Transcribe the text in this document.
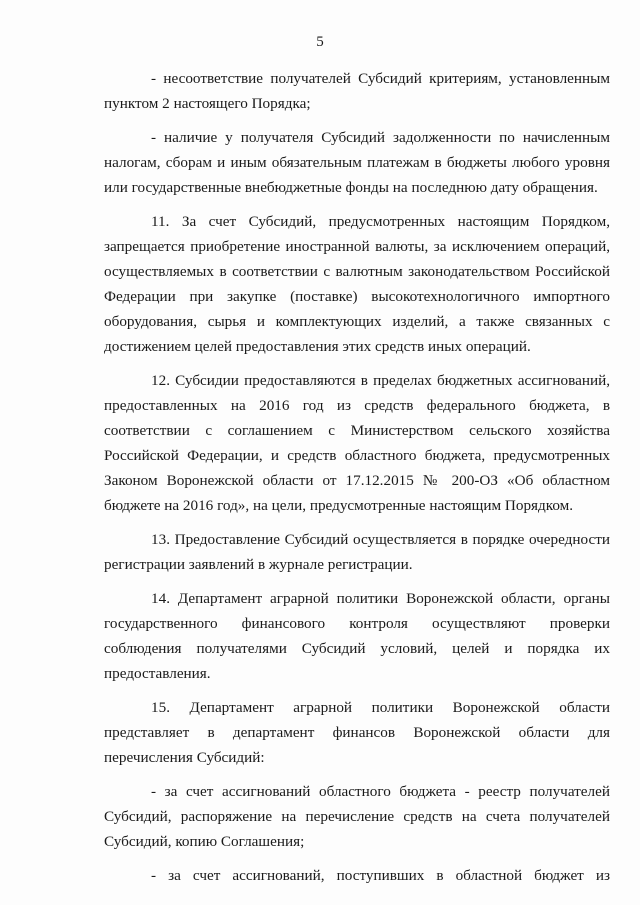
5

- несоответствие получателей Субсидий критериям, установленным
пунктом 2 настоящего Порядка;

- наличие у получателя Субсидий задолженности по начисленным
налогам, сборам и иным обязательным платежам в бюджеты любого уровня
или государственные внебюджетные фонды на последнюю дату обращения.

11. За счет Субсидий, предусмотренных настоящим Порядком,
запрещается приобретение иностранной валюты, за исключением операций,
осуществляемых в соответствии с валютным законодательством Российской
Федерации при закупке (поставке) высокотехнологичного импортного
оборудования, сырья и комплектующих изделий, а также связанных с
достижением целей предоставления этих средств иных операций.

12. Субсидии предоставляются в пределах бюджетных ассигнований,
предоставленных на 2016 год из средств федерального бюджета, в
соответствии с соглашением с Министерством сельского хозяйства
Российской Федерации, и средств областного бюджета, предусмотренных
Законом Воронежской области от 17.12.2015 № 200-ОЗ «Об областном
бюджете на 2016 год», на цели, предусмотренные настоящим Порядком.

13. Предоставление Субсидий осуществляется в порядке очередности
регистрации заявлений в журнале регистрации.

14. Департамент аграрной политики Воронежской области, органы
государственного финансового контроля осуществляют проверки
соблюдения получателями Субсидий условий, целей и порядка их
предоставления.

15. Департамент аграрной политики Воронежской области
представляет в департамент финансов Воронежской области для
перечисления Субсидий:

- за счет ассигнований областного бюджета - реестр получателей
Субсидий, распоряжение на перечисление средств на счета получателей
Субсидий, копию Соглашения;

- за счет ассигнований, поступивших в областной бюджет из
